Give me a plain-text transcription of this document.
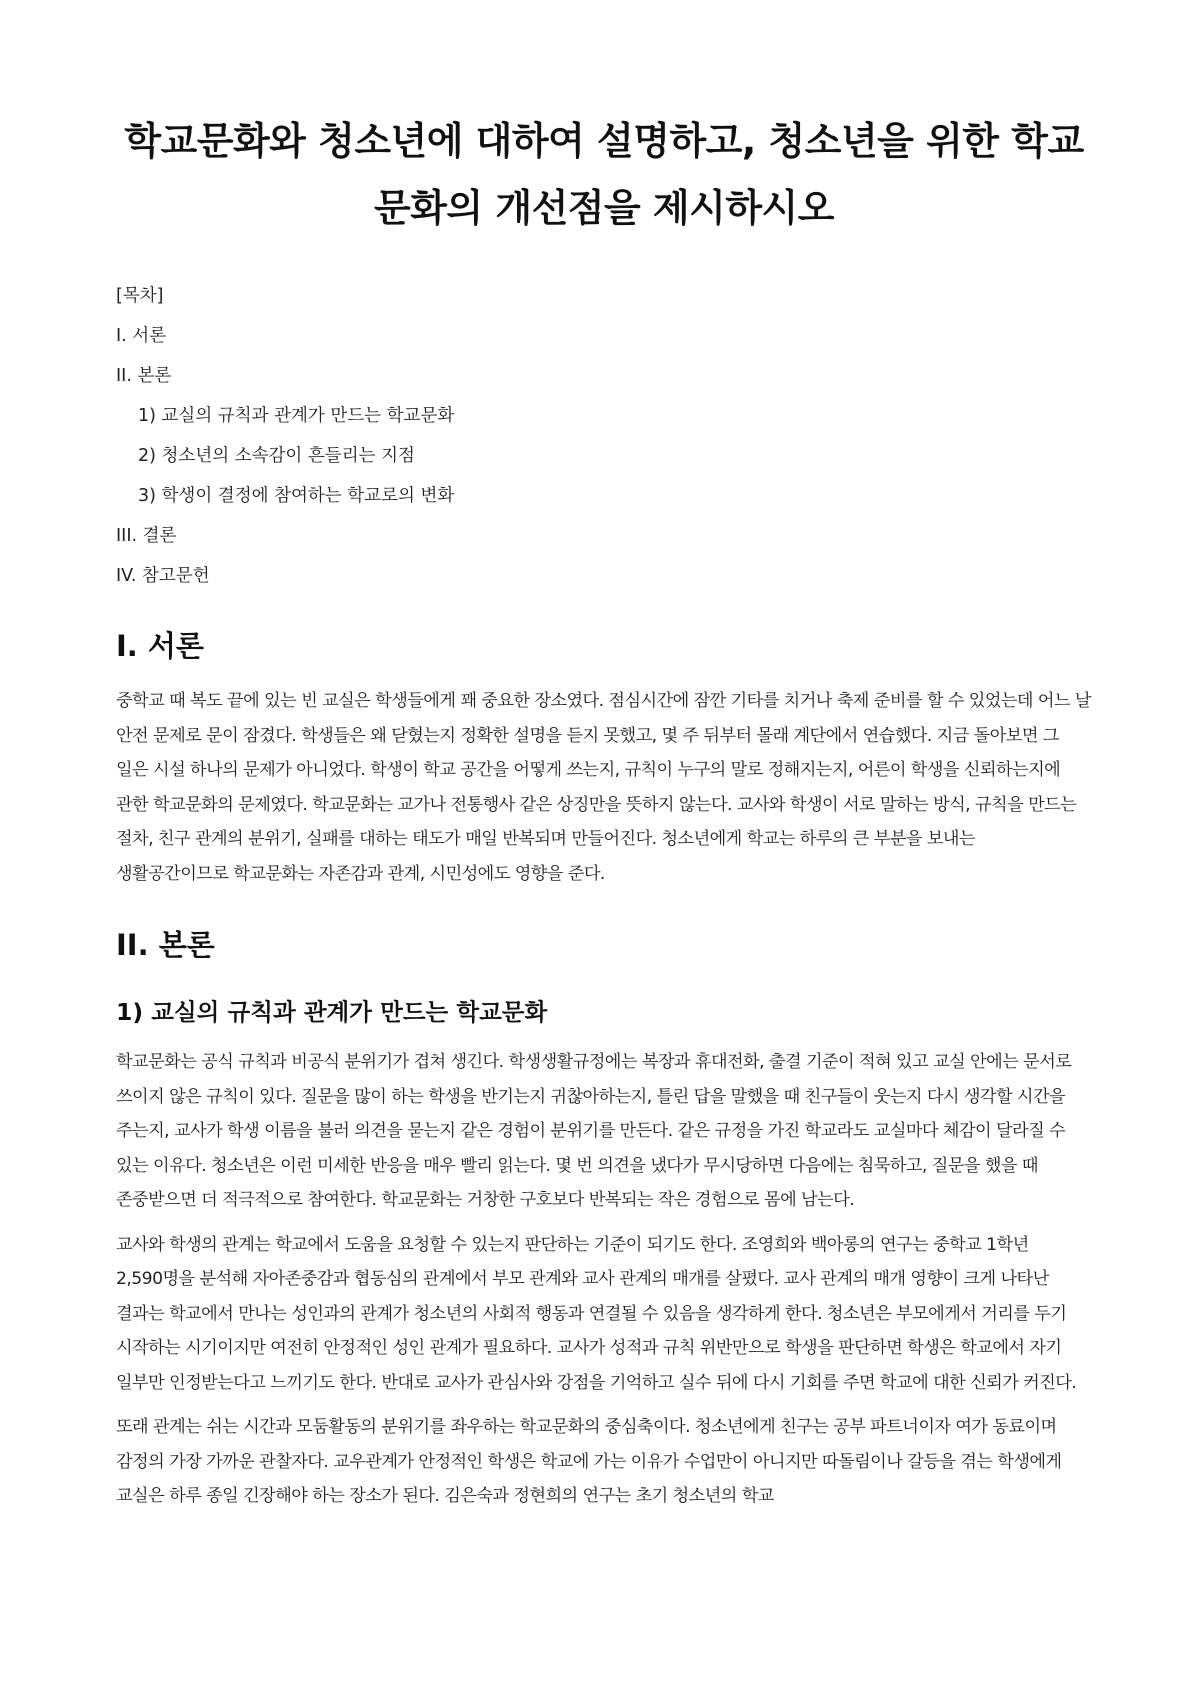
학교문화와 청소년에 대하여 설명하고, 청소년을 위한 학교문화의 개선점을 제시하시오
[목차]
I. 서론
II. 본론
1) 교실의 규칙과 관계가 만드는 학교문화
2) 청소년의 소속감이 흔들리는 지점
3) 학생이 결정에 참여하는 학교로의 변화
III. 결론
IV. 참고문헌
I. 서론

중학교 때 복도 끝에 있는 빈 교실은 학생들에게 꽤 중요한 장소였다. 점심시간에 잠깐 기타를 치거나 축제 준비를 할 수 있었는데 어느 날 안전 문제로 문이 잠겼다. 학생들은 왜 닫혔는지 정확한 설명을 듣지 못했고, 몇 주 뒤부터 몰래 계단에서 연습했다. 지금 돌아보면 그 일은 시설 하나의 문제가 아니었다. 학생이 학교 공간을 어떻게 쓰는지, 규칙이 누구의 말로 정해지는지, 어른이 학생을 신뢰하는지에 관한 학교문화의 문제였다. 학교문화는 교가나 전통행사 같은 상징만을 뜻하지 않는다. 교사와 학생이 서로 말하는 방식, 규칙을 만드는 절차, 친구 관계의 분위기, 실패를 대하는 태도가 매일 반복되며 만들어진다. 청소년에게 학교는 하루의 큰 부분을 보내는 생활공간이므로 학교문화는 자존감과 관계, 시민성에도 영향을 준다.

II. 본론
1) 교실의 규칙과 관계가 만드는 학교문화

학교문화는 공식 규칙과 비공식 분위기가 겹쳐 생긴다. 학생생활규정에는 복장과 휴대전화, 출결 기준이 적혀 있고 교실 안에는 문서로 쓰이지 않은 규칙이 있다. 질문을 많이 하는 학생을 반기는지 귀찮아하는지, 틀린 답을 말했을 때 친구들이 웃는지 다시 생각할 시간을 주는지, 교사가 학생 이름을 불러 의견을 묻는지 같은 경험이 분위기를 만든다. 같은 규정을 가진 학교라도 교실마다 체감이 달라질 수 있는 이유다. 청소년은 이런 미세한 반응을 매우 빨리 읽는다. 몇 번 의견을 냈다가 무시당하면 다음에는 침묵하고, 질문을 했을 때 존중받으면 더 적극적으로 참여한다. 학교문화는 거창한 구호보다 반복되는 작은 경험으로 몸에 남는다.

교사와 학생의 관계는 학교에서 도움을 요청할 수 있는지 판단하는 기준이 되기도 한다. 조영희와 백아롱의 연구는 중학교 1학년 2,590명을 분석해 자아존중감과 협동심의 관계에서 부모 관계와 교사 관계의 매개를 살폈다. 교사 관계의 매개 영향이 크게 나타난 결과는 학교에서 만나는 성인과의 관계가 청소년의 사회적 행동과 연결될 수 있음을 생각하게 한다. 청소년은 부모에게서 거리를 두기 시작하는 시기이지만 여전히 안정적인 성인 관계가 필요하다. 교사가 성적과 규칙 위반만으로 학생을 판단하면 학생은 학교에서 자기 일부만 인정받는다고 느끼기도 한다. 반대로 교사가 관심사와 강점을 기억하고 실수 뒤에 다시 기회를 주면 학교에 대한 신뢰가 커진다.

또래 관계는 쉬는 시간과 모둠활동의 분위기를 좌우하는 학교문화의 중심축이다. 청소년에게 친구는 공부 파트너이자 여가 동료이며 감정의 가장 가까운 관찰자다. 교우관계가 안정적인 학생은 학교에 가는 이유가 수업만이 아니지만 따돌림이나 갈등을 겪는 학생에게 교실은 하루 종일 긴장해야 하는 장소가 된다. 김은숙과 정현희의 연구는 초기 청소년의 학교
